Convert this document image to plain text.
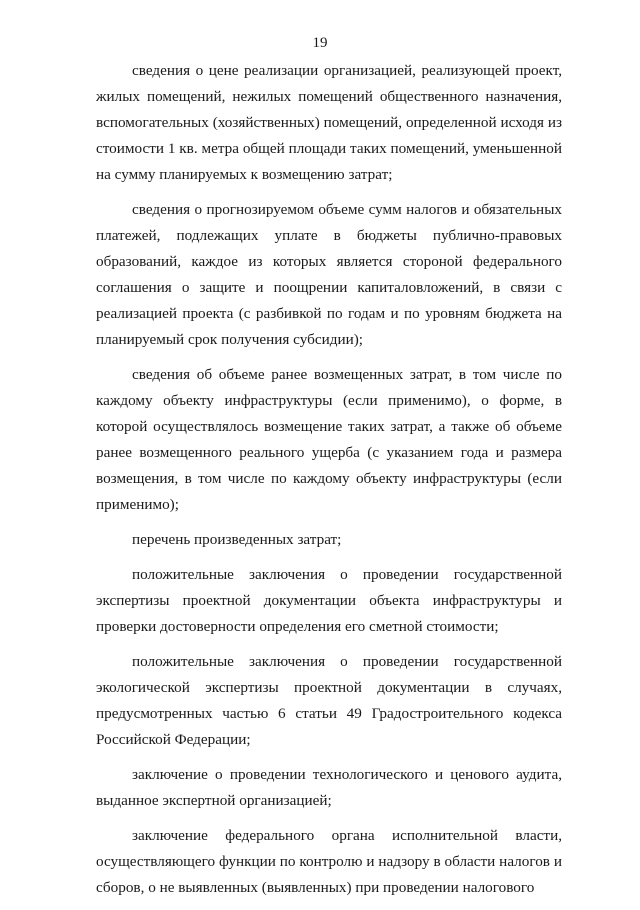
19

сведения о цене реализации организацией, реализующей проект, жилых помещений, нежилых помещений общественного назначения, вспомогательных (хозяйственных) помещений, определенной исходя из стоимости 1 кв. метра общей площади таких помещений, уменьшенной на сумму планируемых к возмещению затрат;

сведения о прогнозируемом объеме сумм налогов и обязательных платежей, подлежащих уплате в бюджеты публично-правовых образований, каждое из которых является стороной федерального соглашения о защите и поощрении капиталовложений, в связи с реализацией проекта (с разбивкой по годам и по уровням бюджета на планируемый срок получения субсидии);

сведения об объеме ранее возмещенных затрат, в том числе по каждому объекту инфраструктуры (если применимо), о форме, в которой осуществлялось возмещение таких затрат, а также об объеме ранее возмещенного реального ущерба (с указанием года и размера возмещения, в том числе по каждому объекту инфраструктуры (если применимо);

перечень произведенных затрат;

положительные заключения о проведении государственной экспертизы проектной документации объекта инфраструктуры и проверки достоверности определения его сметной стоимости;

положительные заключения о проведении государственной экологической экспертизы проектной документации в случаях, предусмотренных частью 6 статьи 49 Градостроительного кодекса Российской Федерации;

заключение о проведении технологического и ценового аудита, выданное экспертной организацией;

заключение федерального органа исполнительной власти, осуществляющего функции по контролю и надзору в области налогов и сборов, о не выявленных (выявленных) при проведении налогового
